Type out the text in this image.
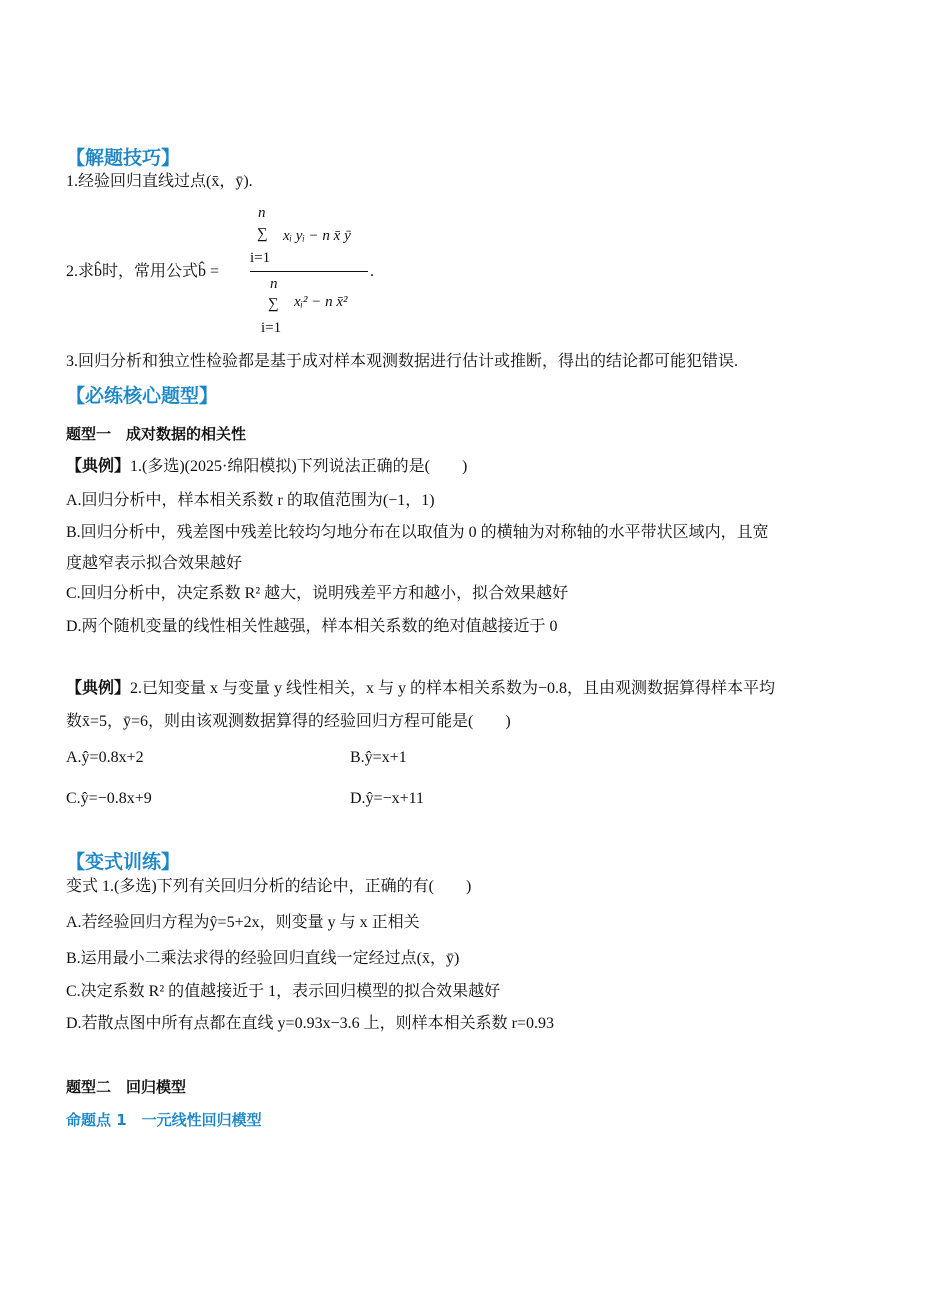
【解题技巧】
1.经验回归直线过点(x̄，ȳ).
2.求b̂时，常用公式b̂ =
n
∑ xᵢ yᵢ − n x̄ ȳ
i=1
n
∑ xᵢ² − n x̄²
i=1
.
3.回归分析和独立性检验都是基于成对样本观测数据进行估计或推断，得出的结论都可能犯错误.
【必练核心题型】
题型一　成对数据的相关性
【典例】1.(多选)(2025·绵阳模拟)下列说法正确的是(　　)
A.回归分析中，样本相关系数 r 的取值范围为(−1，1)
B.回归分析中，残差图中残差比较均匀地分布在以取值为 0 的横轴为对称轴的水平带状区域内，且宽
度越窄表示拟合效果越好
C.回归分析中，决定系数 R² 越大，说明残差平方和越小，拟合效果越好
D.两个随机变量的线性相关性越强，样本相关系数的绝对值越接近于 0
【典例】2.已知变量 x 与变量 y 线性相关，x 与 y 的样本相关系数为−0.8，且由观测数据算得样本平均
数x̄=5，ȳ=6，则由该观测数据算得的经验回归方程可能是(　　)
A.ŷ=0.8x+2	B.ŷ=x+1
C.ŷ=−0.8x+9	D.ŷ=−x+11
【变式训练】
变式 1.(多选)下列有关回归分析的结论中，正确的有(　　)
A.若经验回归方程为ŷ=5+2x，则变量 y 与 x 正相关
B.运用最小二乘法求得的经验回归直线一定经过点(x̄，ȳ)
C.决定系数 R² 的值越接近于 1，表示回归模型的拟合效果越好
D.若散点图中所有点都在直线 y=0.93x−3.6 上，则样本相关系数 r=0.93
题型二　回归模型
命题点 1　一元线性回归模型
